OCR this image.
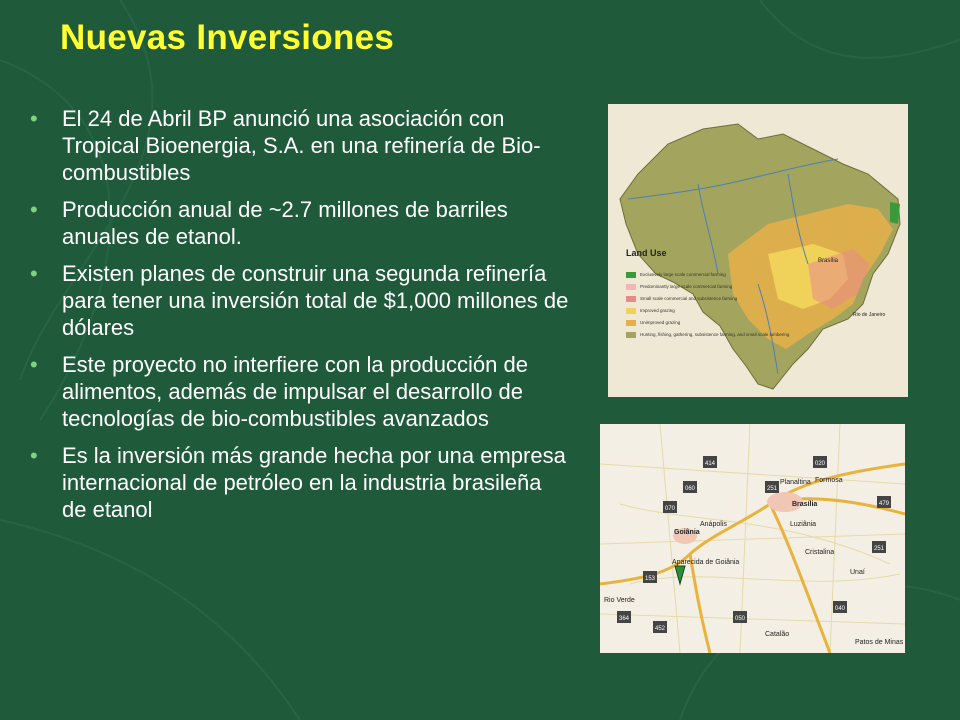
Nuevas Inversiones
• El 24 de Abril BP anunció una asociación con Tropical Bioenergia, S.A. en una refinería de Bio-combustibles
• Producción anual de ~2.7 millones de barriles anuales de etanol.
• Existen planes de construir una segunda refinería para tener una inversión total de $1,000 millones de dólares
• Este proyecto no interfiere con la producción de alimentos, además de impulsar el desarrollo de tecnologías de bio-combustibles avanzados
• Es la inversión más grande hecha por una empresa internacional de petróleo en la industria brasileña de etanol
Land Use
Exclusively large scale commercial farming
Predominantly large scale commercial farming
Small scale commercial and subsistence farming
Improved grazing
Unimproved grazing
Hunting, fishing, gathering, subsistence farming, and small scale lumbering
Brasília
Rio de Janeiro
414
060	251
070
020
479
153
040
251
452
050
364
Brasília
Goiânia
Anápolis
Aparecida de Goiânia
Luziânia
Rio Verde
Catalão
Patos de Minas
Cristalina
Formosa
Unaí
Planaltina
